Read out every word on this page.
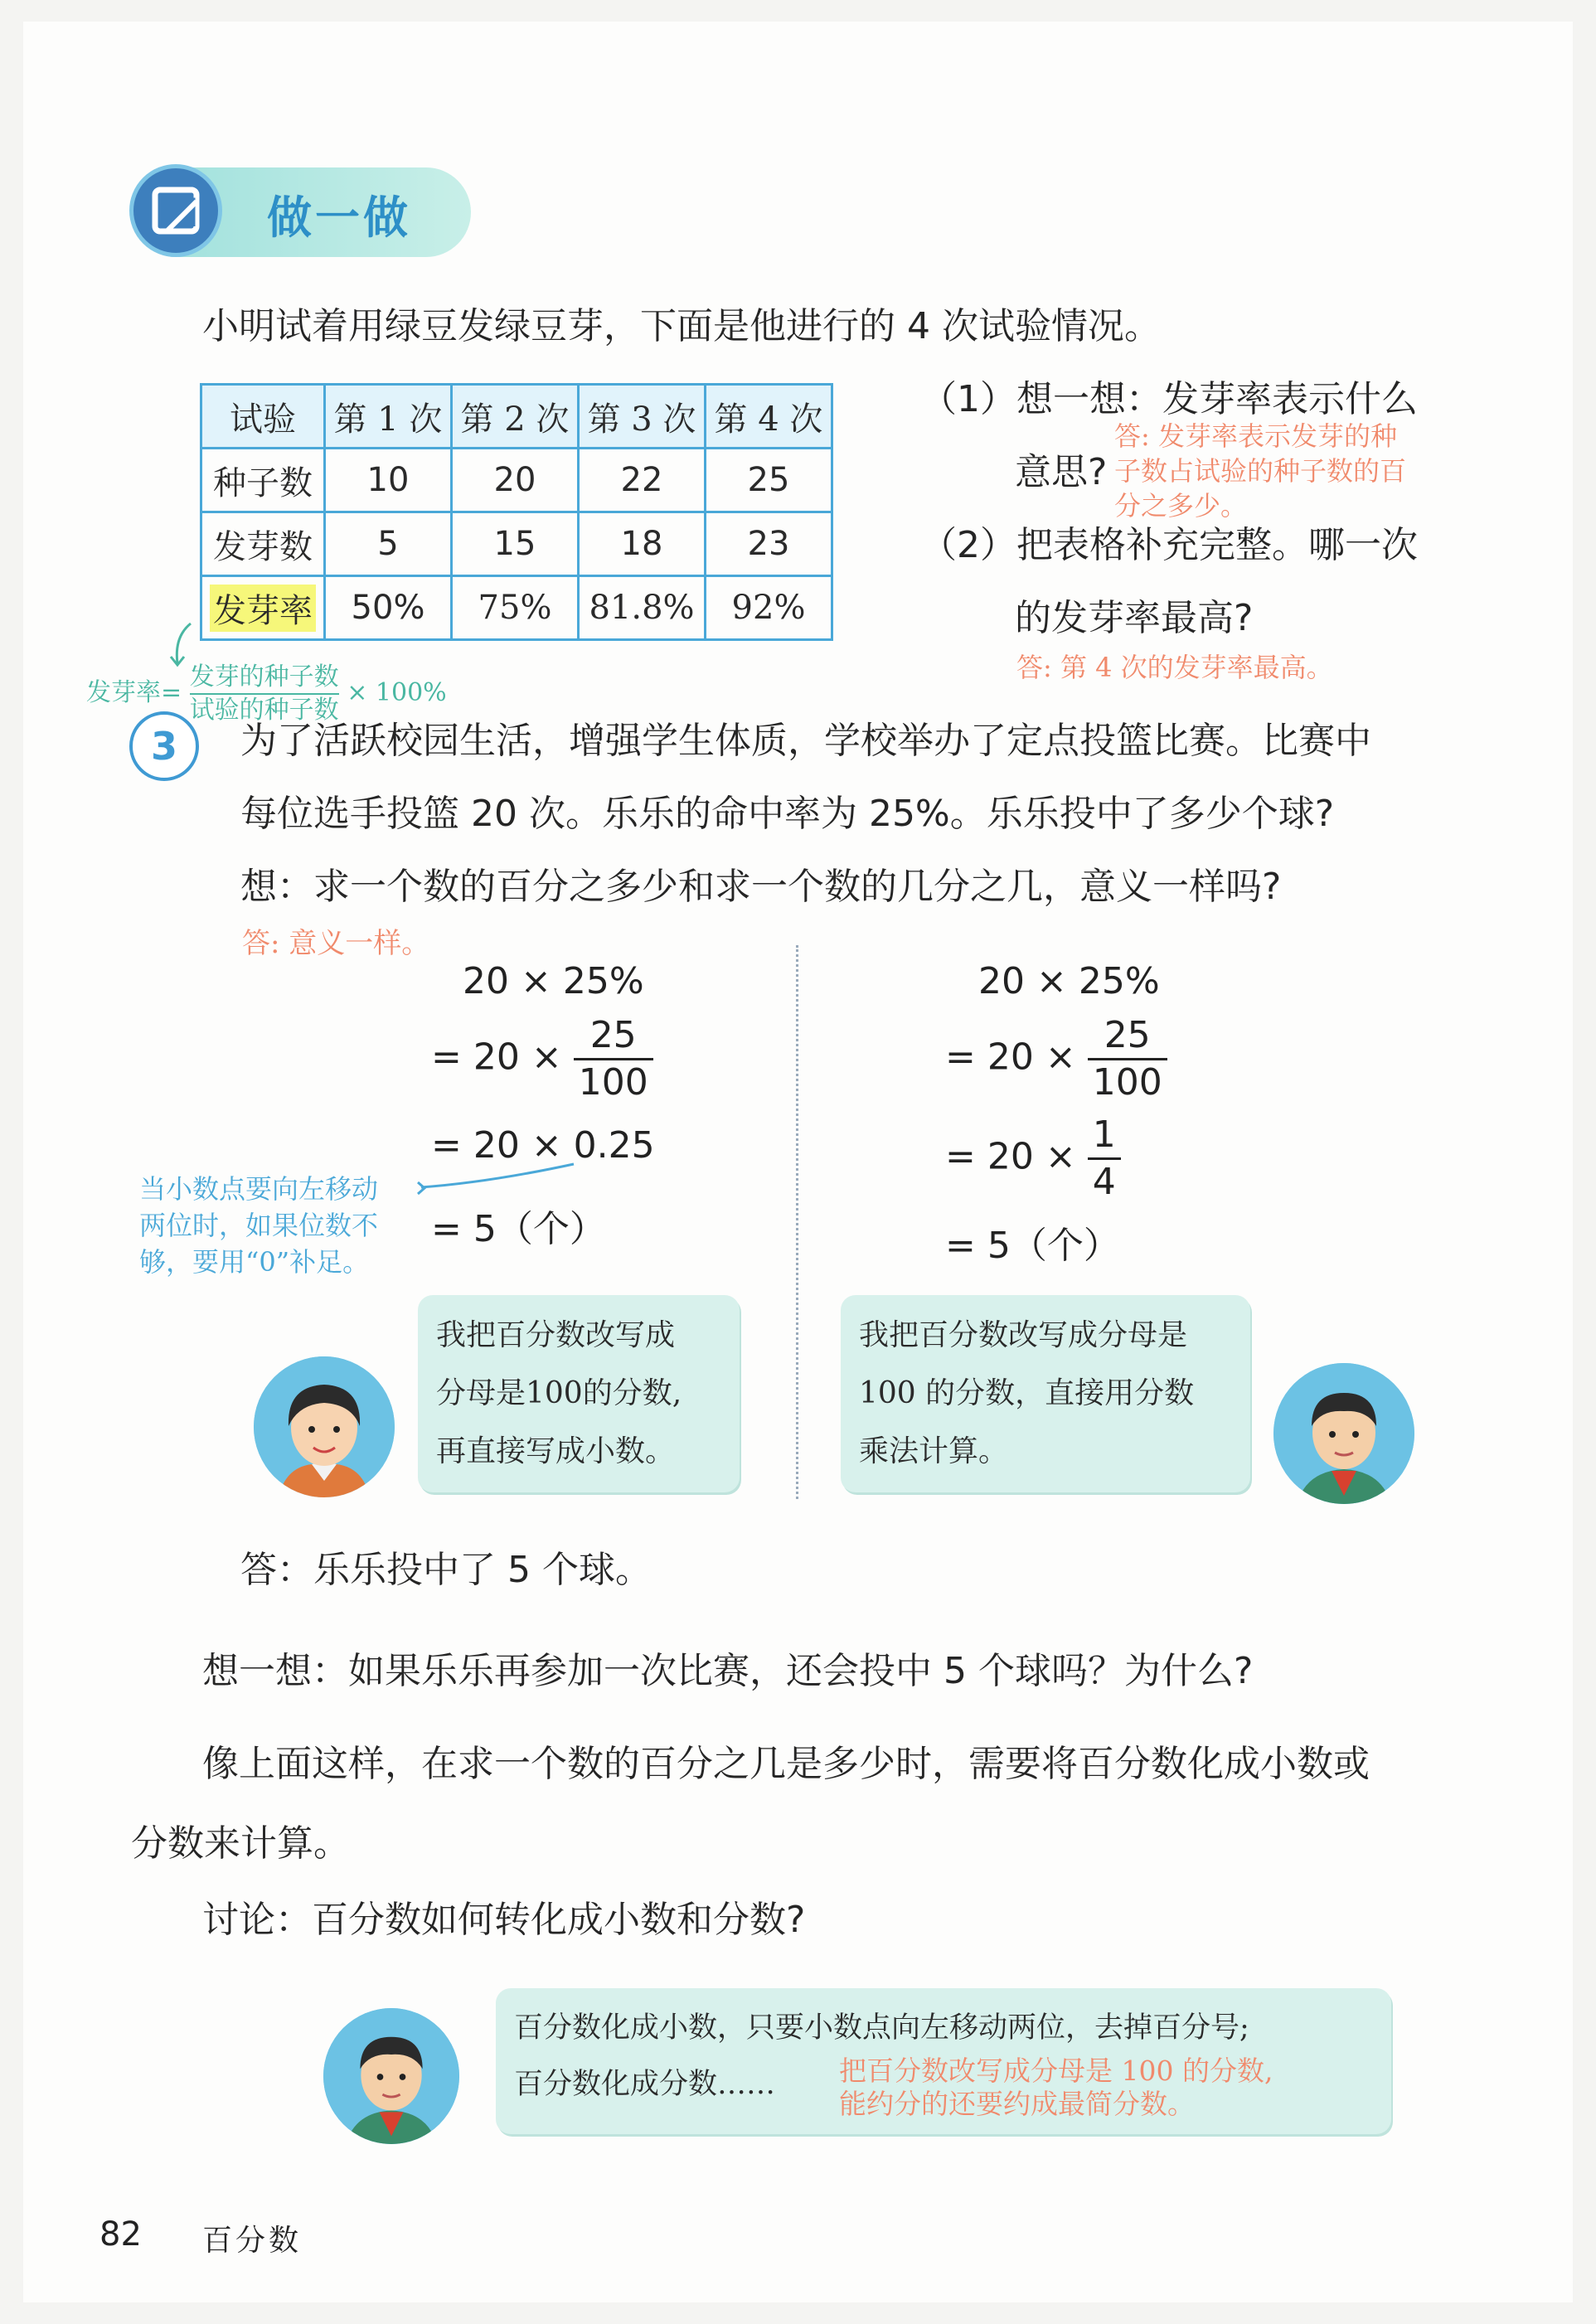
做一做
小明试着用绿豆发绿豆芽，下面是他进行的 4 次试验情况。
试验	第 1 次	第 2 次	第 3 次	第 4 次
种子数	10	20	22	25
发芽数	5	15	18	23
发芽率	50%	75%	81.8%	92%
发芽率=
发芽的种子数
试验的种子数
× 100%
（1）想一想：发芽率表示什么
意思?
答: 发芽率表示发芽的种
子数占试验的种子数的百
分之多少。
（2）把表格补充完整。哪一次
的发芽率最高?
答: 第 4 次的发芽率最高。
3	为了活跃校园生活，增强学生体质，学校举办了定点投篮比赛。比赛中
每位选手投篮 20 次。乐乐的命中率为 25%。乐乐投中了多少个球?
想：求一个数的百分之多少和求一个数的几分之几，意义一样吗?
答: 意义一样。
20 × 25%
= $20 \times \frac{25}{100}$
= 20 × 0.25
= 5（个）
当小数点要向左移动
两位时，如果位数不
够，要用“0”补足。
20 × 25%
= $20 \times \frac{25}{100}$
= $20 \times \frac{1}{4}$
= 5（个）
我把百分数改写成
分母是100的分数,
再直接写成小数。
我把百分数改写成分母是
100 的分数，直接用分数
乘法计算。
答：乐乐投中了 5 个球。
想一想：如果乐乐再参加一次比赛，还会投中 5 个球吗？为什么?
像上面这样，在求一个数的百分之几是多少时，需要将百分数化成小数或
分数来计算。
讨论：百分数如何转化成小数和分数?
百分数化成小数，只要小数点向左移动两位，去掉百分号;
百分数化成分数……	把百分数改写成分母是 100 的分数,
能约分的还要约成最简分数。
82 百分数
